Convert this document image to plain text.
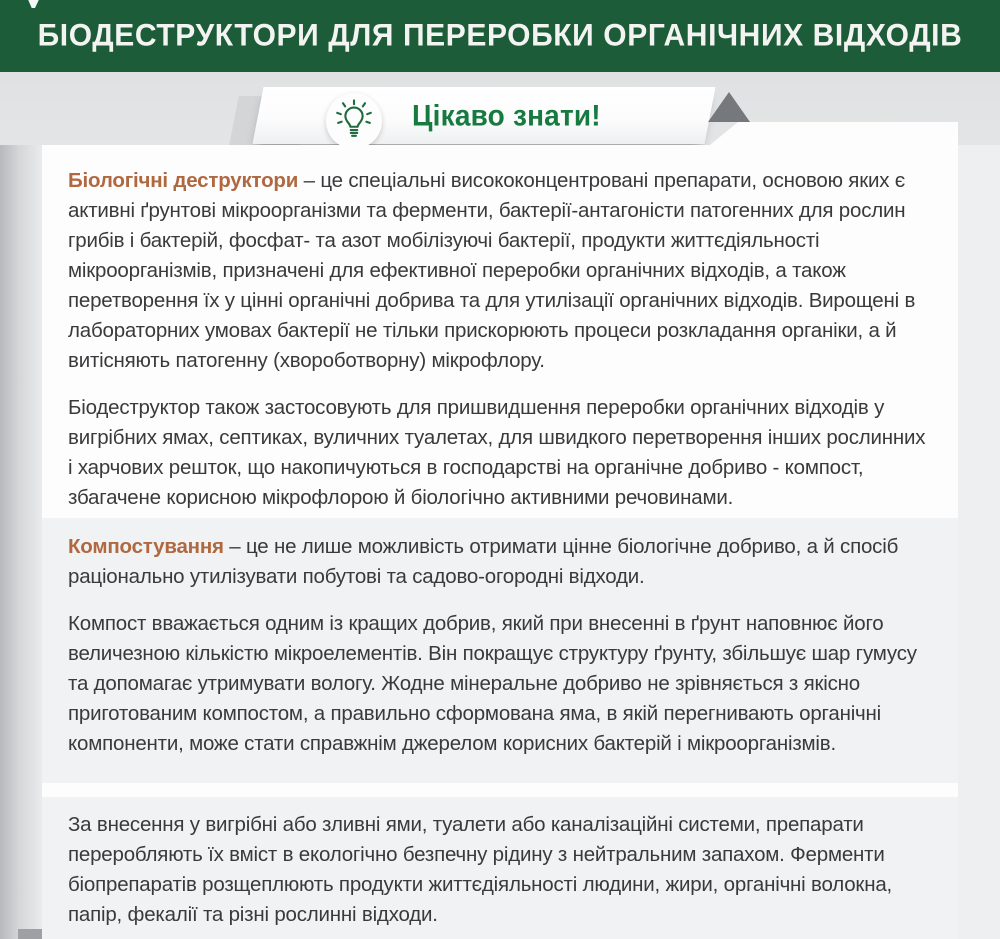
БІОДЕСТРУКТОРИ ДЛЯ ПЕРЕРОБКИ ОРГАНІЧНИХ ВІДХОДІВ
Цікаво знати!

Біологічні деструктори – це спеціальні висококонцентровані препарати, основою яких є активні ґрунтові мікроорганізми та ферменти, бактерії-антагоністи патогенних для рослин грибів і бактерій, фосфат- та азот мобілізуючі бактерії, продукти життєдіяльності мікроорганізмів, призначені для ефективної переробки органічних відходів, а також перетворення їх у цінні органічні добрива та для утилізації органічних відходів. Вирощені в лабораторних умовах бактерії не тільки прискорюють процеси розкладання органіки, а й витісняють патогенну (хвороботворну) мікрофлору.

Біодеструктор також застосовують для пришвидшення переробки органічних відходів у вигрібних ямах, септиках, вуличних туалетах, для швидкого перетворення інших рослинних і харчових решток, що накопичуються в господарстві на органічне добриво - компост, збагачене корисною мікрофлорою й біологічно активними речовинами.

Компостування – це не лише можливість отримати цінне біологічне добриво, а й спосіб раціонально утилізувати побутові та садово-огородні відходи.

Компост вважається одним із кращих добрив, який при внесенні в ґрунт наповнює його величезною кількістю мікроелементів. Він покращує структуру ґрунту, збільшує шар гумусу та допомагає утримувати вологу. Жодне мінеральне добриво не зрівняється з якісно приготованим компостом, а правильно сформована яма, в якій перегнивають органічні компоненти, може стати справжнім джерелом корисних бактерій і мікроорганізмів.

За внесення у вигрібні або зливні ями, туалети або каналізаційні системи, препарати переробляють їх вміст в екологічно безпечну рідину з нейтральним запахом. Ферменти біопрепаратів розщеплюють продукти життєдіяльності людини, жири, органічні волокна, папір, фекалії та різні рослинні відходи.
